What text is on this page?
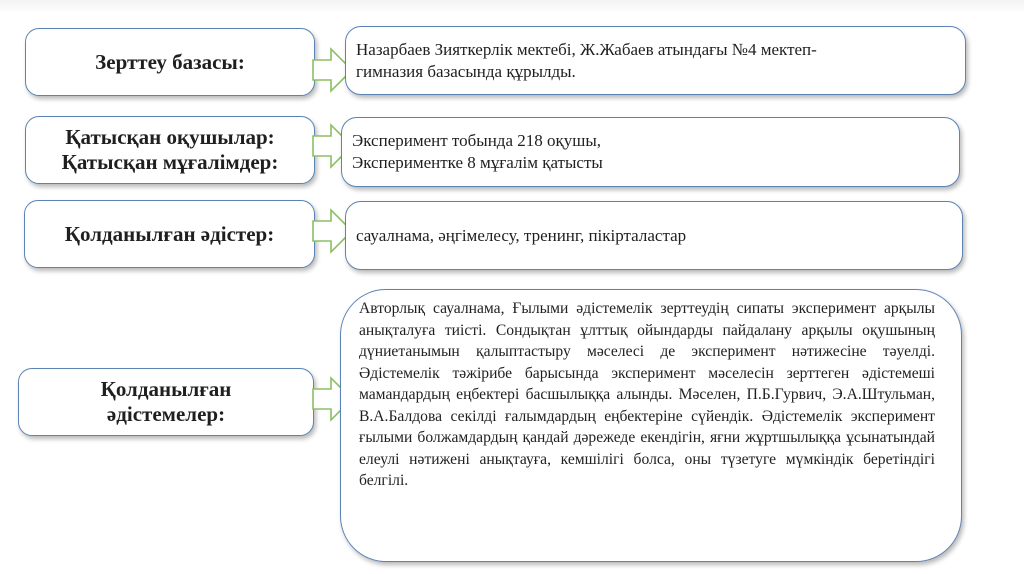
Зерттеу базасы:
Назарбаев Зияткерлік мектебі, Ж.Жабаев атындағы №4 мектеп-
гимназия базасында құрылды.
Қатысқан оқушылар:
Қатысқан мұғалімдер:
Эксперимент тобында 218 оқушы,
Экспериментке 8 мұғалім қатысты
Қолданылған әдістер:	сауалнама, әңгімелесу, тренинг, пікірталастар
Қолданылған
әдістемелер:
Авторлық сауалнама, Ғылыми әдістемелік зерттеудің сипаты эксперимент арқылы анықталуға тиісті. Сондықтан ұлттық ойындарды пайдалану арқылы оқушының дүниетанымын қалыптастыру мәселесі де эксперимент нәтижесіне тәуелді. Әдістемелік тәжірибе барысында эксперимент мәселесін зерттеген әдістемеші мамандардың еңбектері басшылыққа алынды. Мәселен, П.Б.Гурвич, Э.А.Штульман, В.А.Балдова секілді ғалымдардың еңбектеріне сүйендік. Әдістемелік эксперимент ғылыми болжамдардың қандай дәрежеде екендігін, яғни жұртшылыққа ұсынатындай елеулі нәтижені анықтауға, кемшілігі болса, оны түзетуге мүмкіндік беретіндігі белгілі.
